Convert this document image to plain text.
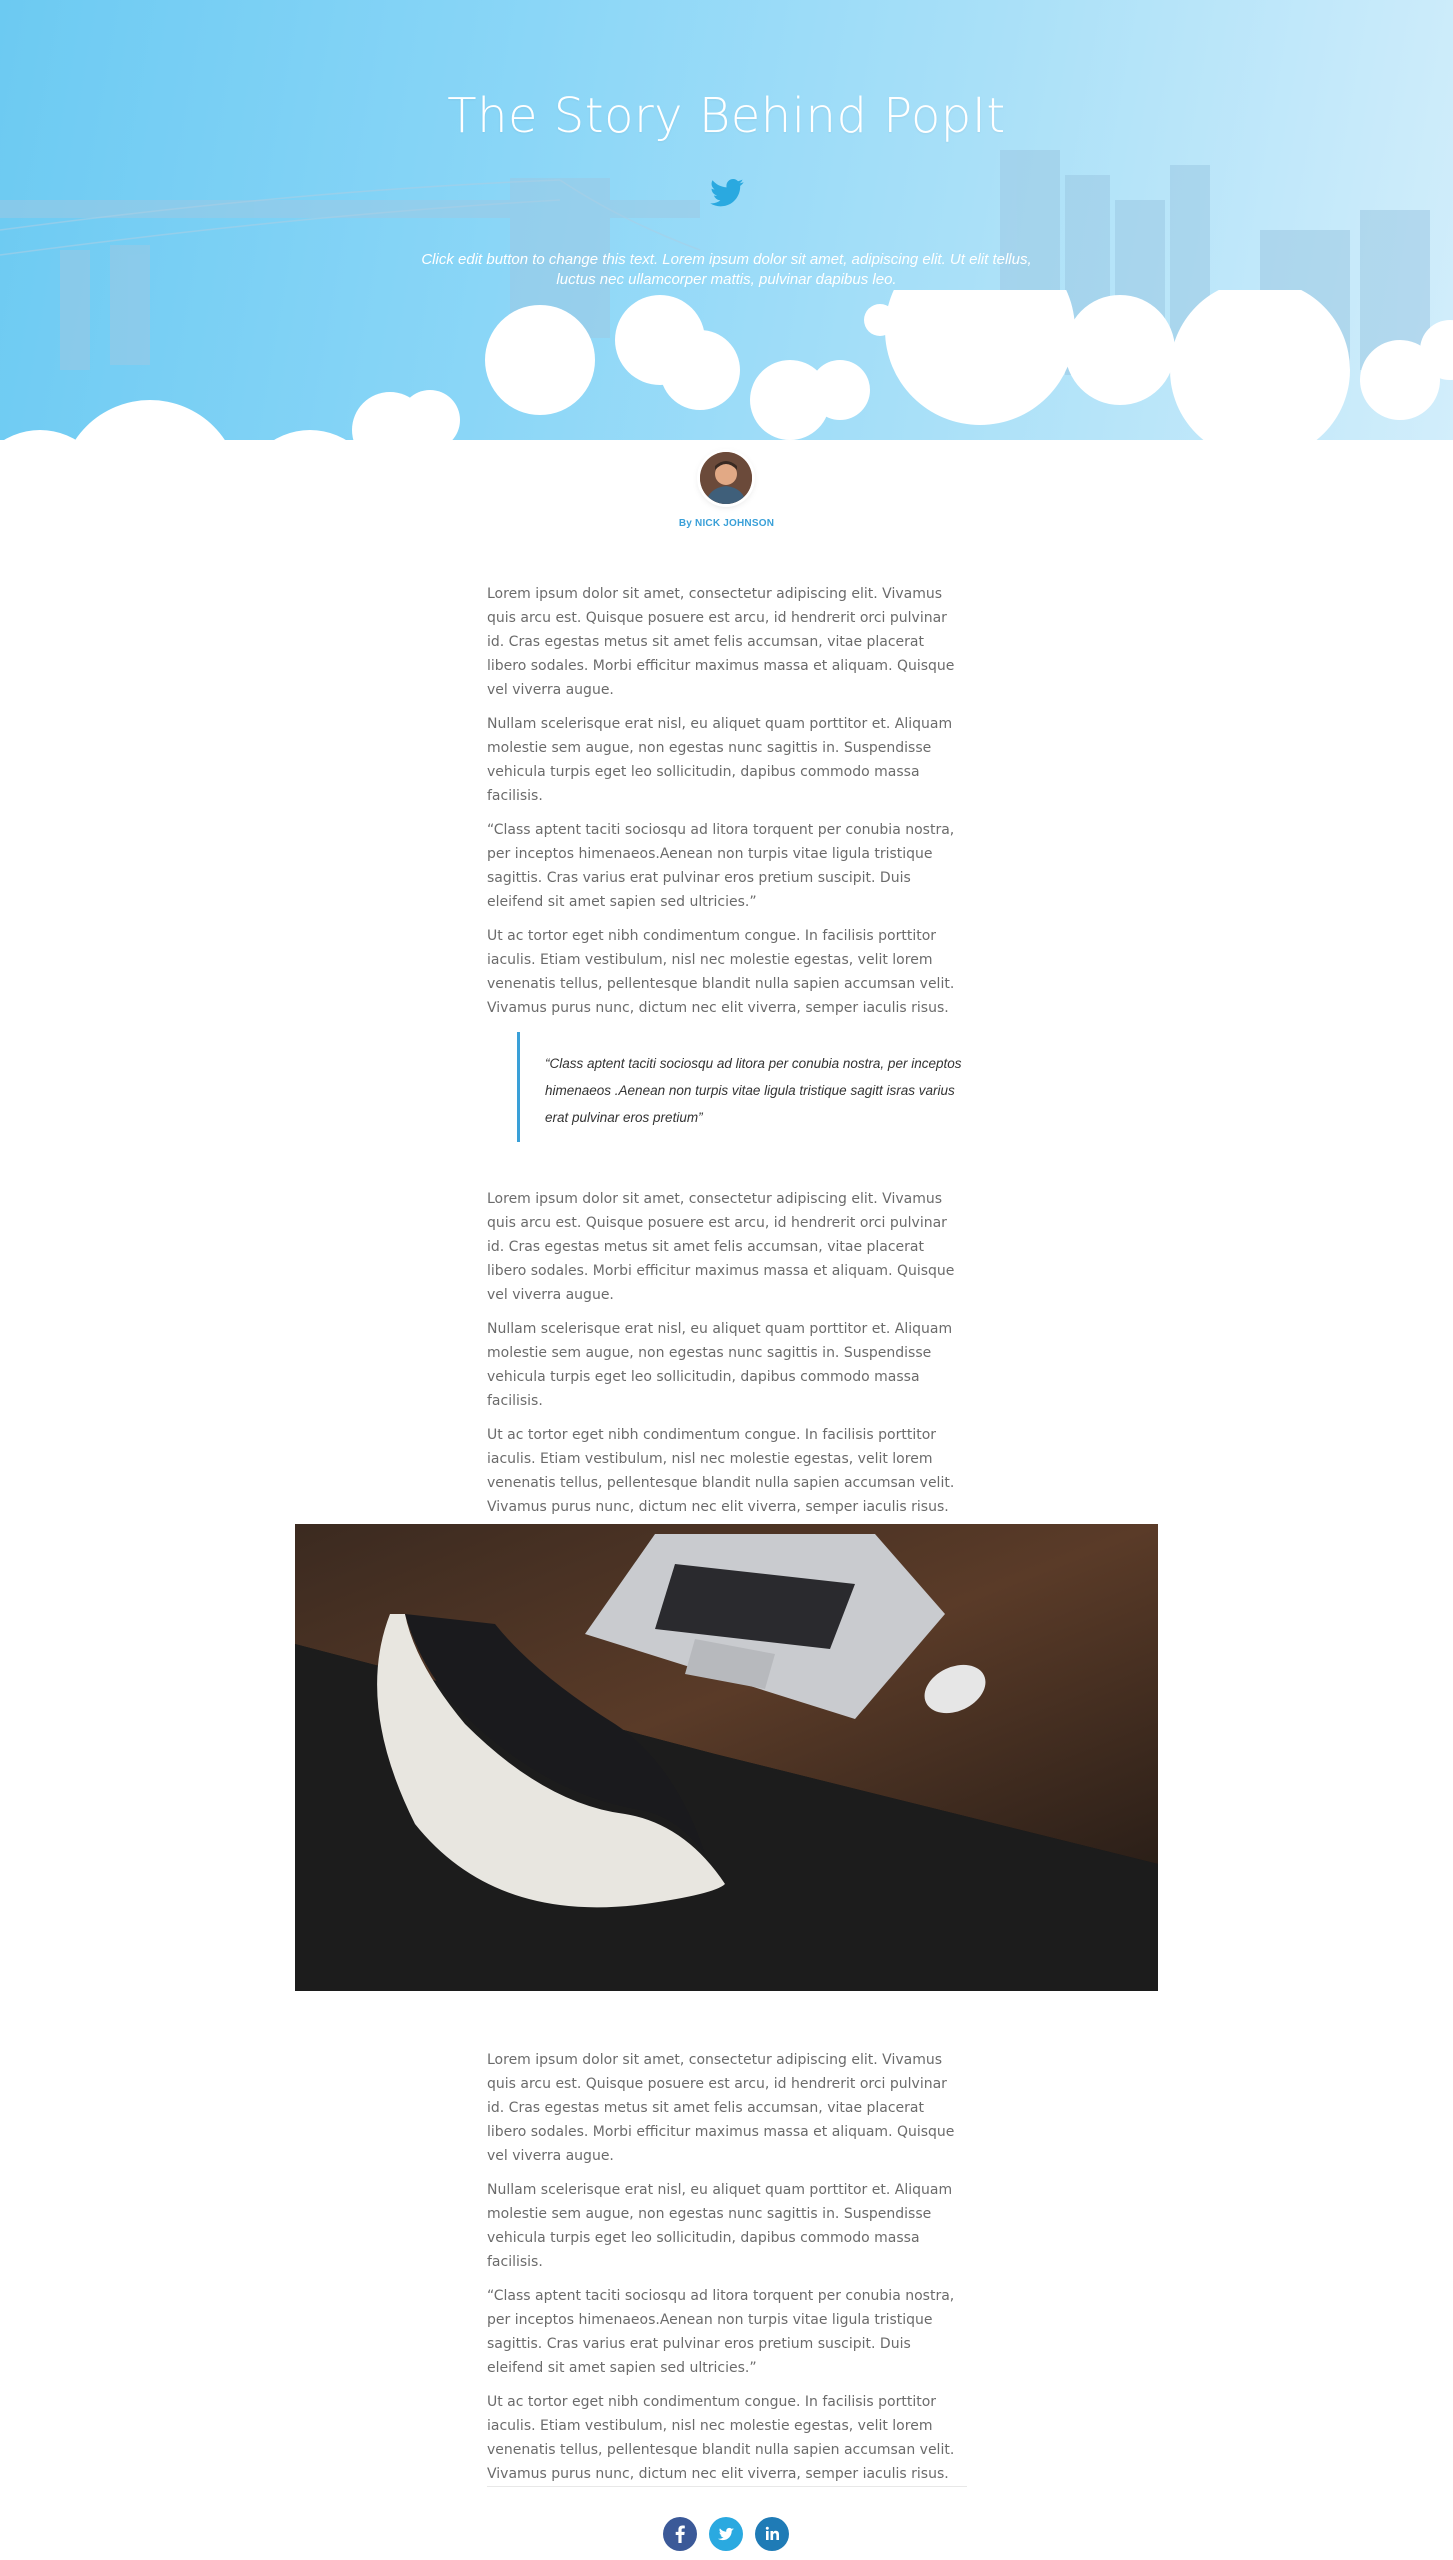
The Story Behind PopIt
Click edit button to change this text. Lorem ipsum dolor sit amet, adipiscing elit. Ut elit tellus, luctus nec ullamcorper mattis, pulvinar dapibus leo.
By NICK JOHNSON

Lorem ipsum dolor sit amet, consectetur adipiscing elit. Vivamus quis arcu est. Quisque posuere est arcu, id hendrerit orci pulvinar id. Cras egestas metus sit amet felis accumsan, vitae placerat libero sodales. Morbi efficitur maximus massa et aliquam. Quisque vel viverra augue.

Nullam scelerisque erat nisl, eu aliquet quam porttitor et. Aliquam molestie sem augue, non egestas nunc sagittis in. Suspendisse vehicula turpis eget leo sollicitudin, dapibus commodo massa facilisis.

“Class aptent taciti sociosqu ad litora torquent per conubia nostra, per inceptos himenaeos.Aenean non turpis vitae ligula tristique sagittis. Cras varius erat pulvinar eros pretium suscipit. Duis eleifend sit amet sapien sed ultricies.”

Ut ac tortor eget nibh condimentum congue. In facilisis porttitor iaculis. Etiam vestibulum, nisl nec molestie egestas, velit lorem venenatis tellus, pellentesque blandit nulla sapien accumsan velit. Vivamus purus nunc, dictum nec elit viverra, semper iaculis risus.

“Class aptent taciti sociosqu ad litora per conubia nostra, per inceptos himenaeos .Aenean non turpis vitae ligula tristique sagitt isras varius erat pulvinar eros pretium”

Lorem ipsum dolor sit amet, consectetur adipiscing elit. Vivamus quis arcu est. Quisque posuere est arcu, id hendrerit orci pulvinar id. Cras egestas metus sit amet felis accumsan, vitae placerat libero sodales. Morbi efficitur maximus massa et aliquam. Quisque vel viverra augue.

Nullam scelerisque erat nisl, eu aliquet quam porttitor et. Aliquam molestie sem augue, non egestas nunc sagittis in. Suspendisse vehicula turpis eget leo sollicitudin, dapibus commodo massa facilisis.

Ut ac tortor eget nibh condimentum congue. In facilisis porttitor iaculis. Etiam vestibulum, nisl nec molestie egestas, velit lorem venenatis tellus, pellentesque blandit nulla sapien accumsan velit. Vivamus purus nunc, dictum nec elit viverra, semper iaculis risus.

Lorem ipsum dolor sit amet, consectetur adipiscing elit. Vivamus quis arcu est. Quisque posuere est arcu, id hendrerit orci pulvinar id. Cras egestas metus sit amet felis accumsan, vitae placerat libero sodales. Morbi efficitur maximus massa et aliquam. Quisque vel viverra augue.

Nullam scelerisque erat nisl, eu aliquet quam porttitor et. Aliquam molestie sem augue, non egestas nunc sagittis in. Suspendisse vehicula turpis eget leo sollicitudin, dapibus commodo massa facilisis.

“Class aptent taciti sociosqu ad litora torquent per conubia nostra, per inceptos himenaeos.Aenean non turpis vitae ligula tristique sagittis. Cras varius erat pulvinar eros pretium suscipit. Duis eleifend sit amet sapien sed ultricies.”

Ut ac tortor eget nibh condimentum congue. In facilisis porttitor iaculis. Etiam vestibulum, nisl nec molestie egestas, velit lorem venenatis tellus, pellentesque blandit nulla sapien accumsan velit. Vivamus purus nunc, dictum nec elit viverra, semper iaculis risus.
